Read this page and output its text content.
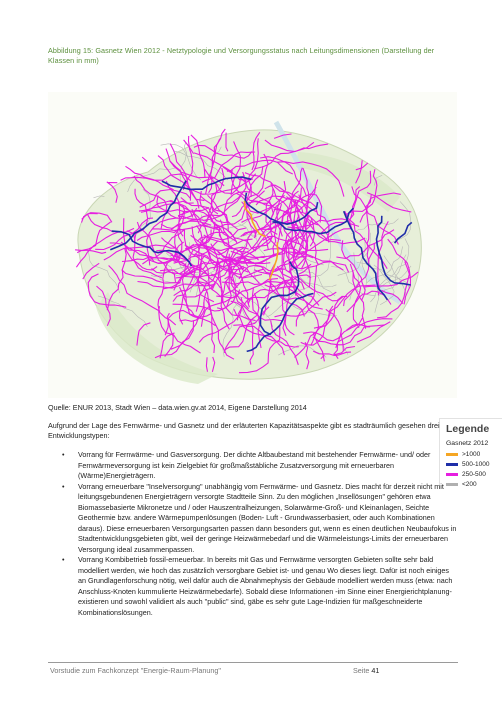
Abbildung 15: Gasnetz Wien 2012 - Netztypologie und Versorgungsstatus nach Leitungsdimensionen (Darstellung der Klassen in mm)
Legende
Gasnetz 2012
>1000
500-1000
250-500
<200
Quelle: ENUR 2013, Stadt Wien – data.wien.gv.at 2014, Eigene Darstellung 2014
Aufgrund der Lage des Fernwärme- und Gasnetz und der erläuterten Kapazitätsaspekte gibt es stadträumlich gesehen drei Entwicklungstypen:
• Vorrang für Fernwärme- und Gasversorgung. Der dichte Altbaubestand mit bestehender Fernwärme- und/ oder Fernwärmeversorgung ist kein Zielgebiet für großmaßstäbliche Zusatzversorgung mit erneuerbaren (Wärme)Energieträgern.
• Vorrang erneuerbare "Inselversorgung" unabhängig vom Fernwärme- und Gasnetz. Dies macht für derzeit nicht mit leitungsgebundenen Energieträgern versorgte Stadtteile Sinn. Zu den möglichen „Insellösungen" gehören etwa Biomassebasierte Mikronetze und / oder Hauszentralheizungen, Solarwärme-Groß- und Kleinanlagen, Seichte Geothermie bzw. andere Wärmepumpenlösungen (Boden- Luft - Grundwasserbasiert, oder auch Kombinationen daraus). Diese erneuerbaren Versorgungsarten passen dann besonders gut, wenn es einen deutlichen Neubaufokus in Stadtentwicklungsgebieten gibt, weil der geringe Heizwärmebedarf und die Wärmeleistungs-Limits der erneuerbaren Versorgung ideal zusammenpassen.
• Vorrang Kombibetrieb fossil-erneuerbar. In bereits mit Gas und Fernwärme versorgten Gebieten sollte sehr bald modelliert werden, wie hoch das zusätzlich versorgbare Gebiet ist- und genau Wo dieses liegt. Dafür ist noch einiges an Grundlagenforschung nötig, weil dafür auch die Abnahmephysis der Gebäude modelliert werden muss (etwa: nach Anschluss-Knoten kummulierte Heizwärmebedarfe). Sobald diese Informationen -im Sinne einer Energierichtplanung- existieren und sowohl validiert als auch "public" sind, gäbe es sehr gute Lage-Indizien für maßgeschneiderte Kombinationslösungen.
Vorstudie zum Fachkonzept "Energie-Raum-Planung"	Seite 41
